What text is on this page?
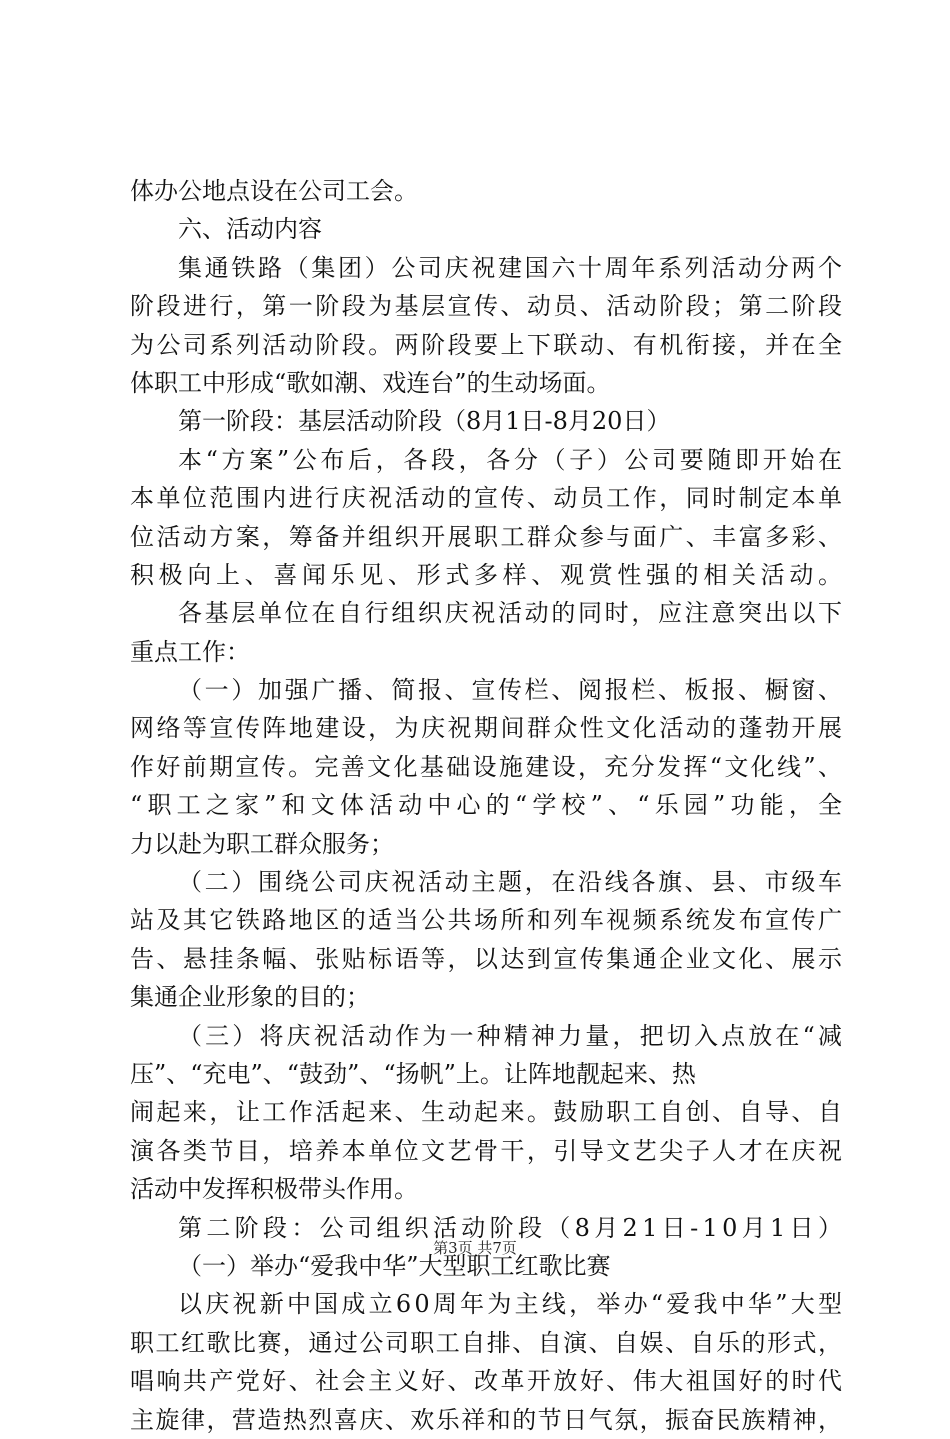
体办公地点设在公司工会。
六、活动内容
集通铁路（集团）公司庆祝建国六十周年系列活动分两个
阶段进行，第一阶段为基层宣传、动员、活动阶段；第二阶段
为公司系列活动阶段。两阶段要上下联动、有机衔接，并在全
体职工中形成“歌如潮、戏连台”的生动场面。
第一阶段：基层活动阶段（8月1日-8月20日）
本“方案”公布后，各段，各分（子）公司要随即开始在
本单位范围内进行庆祝活动的宣传、动员工作，同时制定本单
位活动方案，筹备并组织开展职工群众参与面广、丰富多彩、
积极向上、喜闻乐见、形式多样、观赏性强的相关活动。
各基层单位在自行组织庆祝活动的同时，应注意突出以下
重点工作：
（一）加强广播、简报、宣传栏、阅报栏、板报、橱窗、
网络等宣传阵地建设，为庆祝期间群众性文化活动的蓬勃开展
作好前期宣传。完善文化基础设施建设，充分发挥“文化线”、
“职工之家”和文体活动中心的“学校”、“乐园”功能，全
力以赴为职工群众服务；
（二）围绕公司庆祝活动主题，在沿线各旗、县、市级车
站及其它铁路地区的适当公共场所和列车视频系统发布宣传广
告、悬挂条幅、张贴标语等，以达到宣传集通企业文化、展示
集通企业形象的目的；
（三）将庆祝活动作为一种精神力量，把切入点放在“减
压”、“充电”、“鼓劲”、“扬帆”上。让阵地靓起来、热
闹起来，让工作活起来、生动起来。鼓励职工自创、自导、自
演各类节目，培养本单位文艺骨干，引导文艺尖子人才在庆祝
活动中发挥积极带头作用。
第二阶段：公司组织活动阶段（8月21日-10月1日）
（一）举办“爱我中华”大型职工红歌比赛
以庆祝新中国成立60周年为主线，举办“爱我中华”大型
职工红歌比赛，通过公司职工自排、自演、自娱、自乐的形式，
唱响共产党好、社会主义好、改革开放好、伟大祖国好的时代
主旋律，营造热烈喜庆、欢乐祥和的节日气氛，振奋民族精神，
第3页 共7页
